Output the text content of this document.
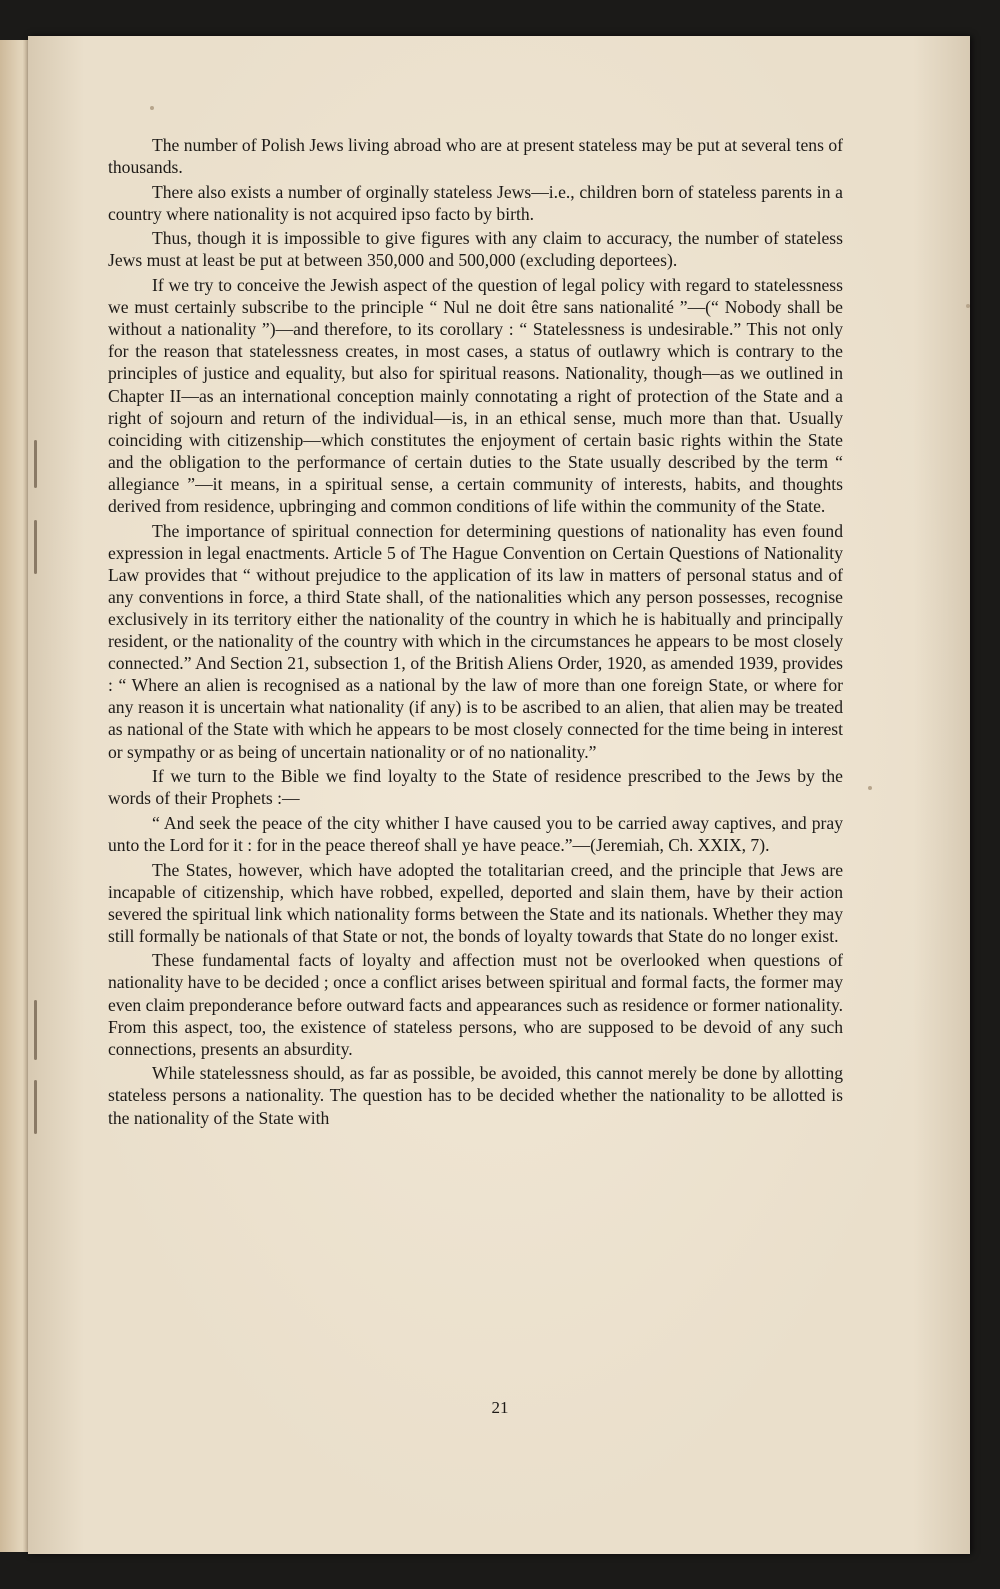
The number of Polish Jews living abroad who are at present stateless may be put at several tens of thousands.

There also exists a number of orginally stateless Jews—i.e., children born of stateless parents in a country where nationality is not acquired ipso facto by birth.

Thus, though it is impossible to give figures with any claim to accuracy, the number of stateless Jews must at least be put at between 350,000 and 500,000 (excluding deportees).

If we try to conceive the Jewish aspect of the question of legal policy with regard to statelessness we must certainly subscribe to the principle “ Nul ne doit être sans nationalité ”—(“ Nobody shall be without a nationality ”)—and therefore, to its corollary : “ Statelessness is undesirable.” This not only for the reason that statelessness creates, in most cases, a status of outlawry which is contrary to the principles of justice and equality, but also for spiritual reasons. Nationality, though—as we outlined in Chapter II—as an international conception mainly connotating a right of protection of the State and a right of sojourn and return of the individual—is, in an ethical sense, much more than that. Usually coinciding with citizenship—which constitutes the enjoyment of certain basic rights within the State and the obligation to the performance of certain duties to the State usually described by the term “ allegiance ”—it means, in a spiritual sense, a certain community of interests, habits, and thoughts derived from residence, upbringing and common conditions of life within the community of the State.

The importance of spiritual connection for determining questions of nationality has even found expression in legal enactments. Article 5 of The Hague Convention on Certain Questions of Nationality Law provides that “ without prejudice to the application of its law in matters of personal status and of any conventions in force, a third State shall, of the nationalities which any person possesses, recognise exclusively in its territory either the nationality of the country in which he is habitually and principally resident, or the nationality of the country with which in the circumstances he appears to be most closely connected.” And Section 21, subsection 1, of the British Aliens Order, 1920, as amended 1939, provides : “ Where an alien is recognised as a national by the law of more than one foreign State, or where for any reason it is uncertain what nationality (if any) is to be ascribed to an alien, that alien may be treated as national of the State with which he appears to be most closely connected for the time being in interest or sympathy or as being of uncertain nationality or of no nationality.”

If we turn to the Bible we find loyalty to the State of residence prescribed to the Jews by the words of their Prophets :—

“ And seek the peace of the city whither I have caused you to be carried away captives, and pray unto the Lord for it : for in the peace thereof shall ye have peace.”—(Jeremiah, Ch. XXIX, 7).

The States, however, which have adopted the totalitarian creed, and the principle that Jews are incapable of citizenship, which have robbed, expelled, deported and slain them, have by their action severed the spiritual link which nationality forms between the State and its nationals. Whether they may still formally be nationals of that State or not, the bonds of loyalty towards that State do no longer exist.

These fundamental facts of loyalty and affection must not be overlooked when questions of nationality have to be decided ; once a conflict arises between spiritual and formal facts, the former may even claim preponderance before outward facts and appearances such as residence or former nationality. From this aspect, too, the existence of stateless persons, who are supposed to be devoid of any such connections, presents an absurdity.

While statelessness should, as far as possible, be avoided, this cannot merely be done by allotting stateless persons a nationality. The question has to be decided whether the nationality to be allotted is the nationality of the State with

21
